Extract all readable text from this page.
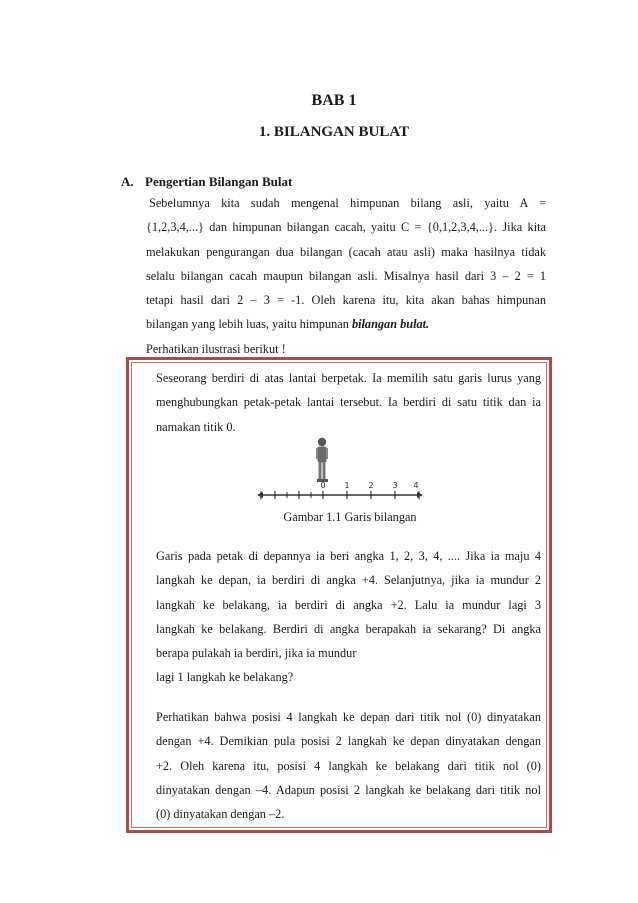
BAB 1
1. BILANGAN BULAT
A. Pengertian Bilangan Bulat
Sebelumnya kita sudah mengenal himpunan bilang asli, yaitu A =
{1,2,3,4,...} dan himpunan bilangan cacah, yaitu C = {0,1,2,3,4,...}. Jika kita
melakukan pengurangan dua bilangan (cacah atau asli) maka hasilnya tidak
selalu bilangan cacah maupun bilangan asli. Misalnya hasil dari 3 – 2 = 1
tetapi hasil dari 2 – 3 = -1. Oleh karena itu, kita akan bahas himpunan
bilangan yang lebih luas, yaitu himpunan bilangan bulat.
Perhatikan ilustrasi berikut !
Seseorang berdiri di atas lantai berpetak. Ia memilih satu garis lurus yang
menghubungkan petak-petak lantai tersebut. Ia berdiri di satu titik dan ia
namakan titik 0.
0 1 2 3 4
Gambar 1.1 Garis bilangan
Garis pada petak di depannya ia beri angka 1, 2, 3, 4, .... Jika ia maju 4
langkah ke depan, ia berdiri di angka +4. Selanjutnya, jika ia mundur 2
langkah ke belakang, ia berdiri di angka +2. Lalu ia mundur lagi 3
langkah ke belakang. Berdiri di angka berapakah ia sekarang? Di angka
berapa pulakah ia berdiri, jika ia mundur
lagi 1 langkah ke belakang?
Perhatikan bahwa posisi 4 langkah ke depan dari titik nol (0) dinyatakan
dengan +4. Demikian pula posisi 2 langkah ke depan dinyatakan dengan
+2. Oleh karena itu, posisi 4 langkah ke belakang dari titik nol (0)
dinyatakan dengan –4. Adapun posisi 2 langkah ke belakang dari titik nol
(0) dinyatakan dengan –2.
